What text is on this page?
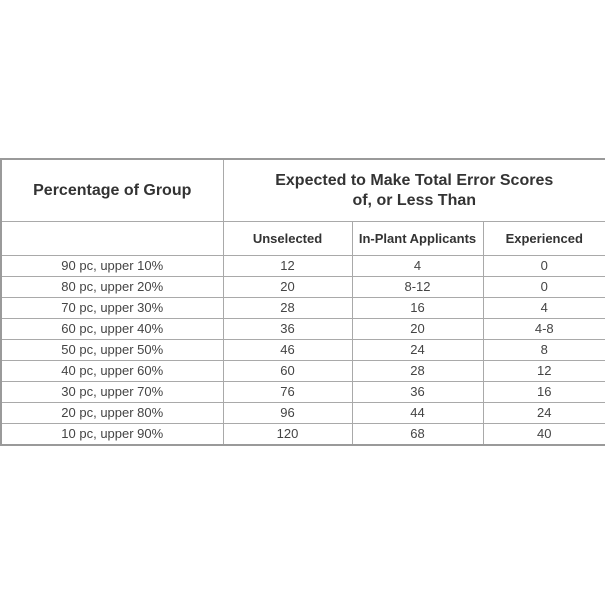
Percentage of Group	Expected to Make Total Error Scores
of, or Less Than		

	Unselected	In-Plant Applicants	Experienced
90 pc, upper 10%	12	4	0
80 pc, upper 20%	20	8-12	0
70 pc, upper 30%	28	16	4
60 pc, upper 40%	36	20	4-8
50 pc, upper 50%	46	24	8
40 pc, upper 60%	60	28	12
30 pc, upper 70%	76	36	16
20 pc, upper 80%	96	44	24
10 pc, upper 90%	120	68	40
